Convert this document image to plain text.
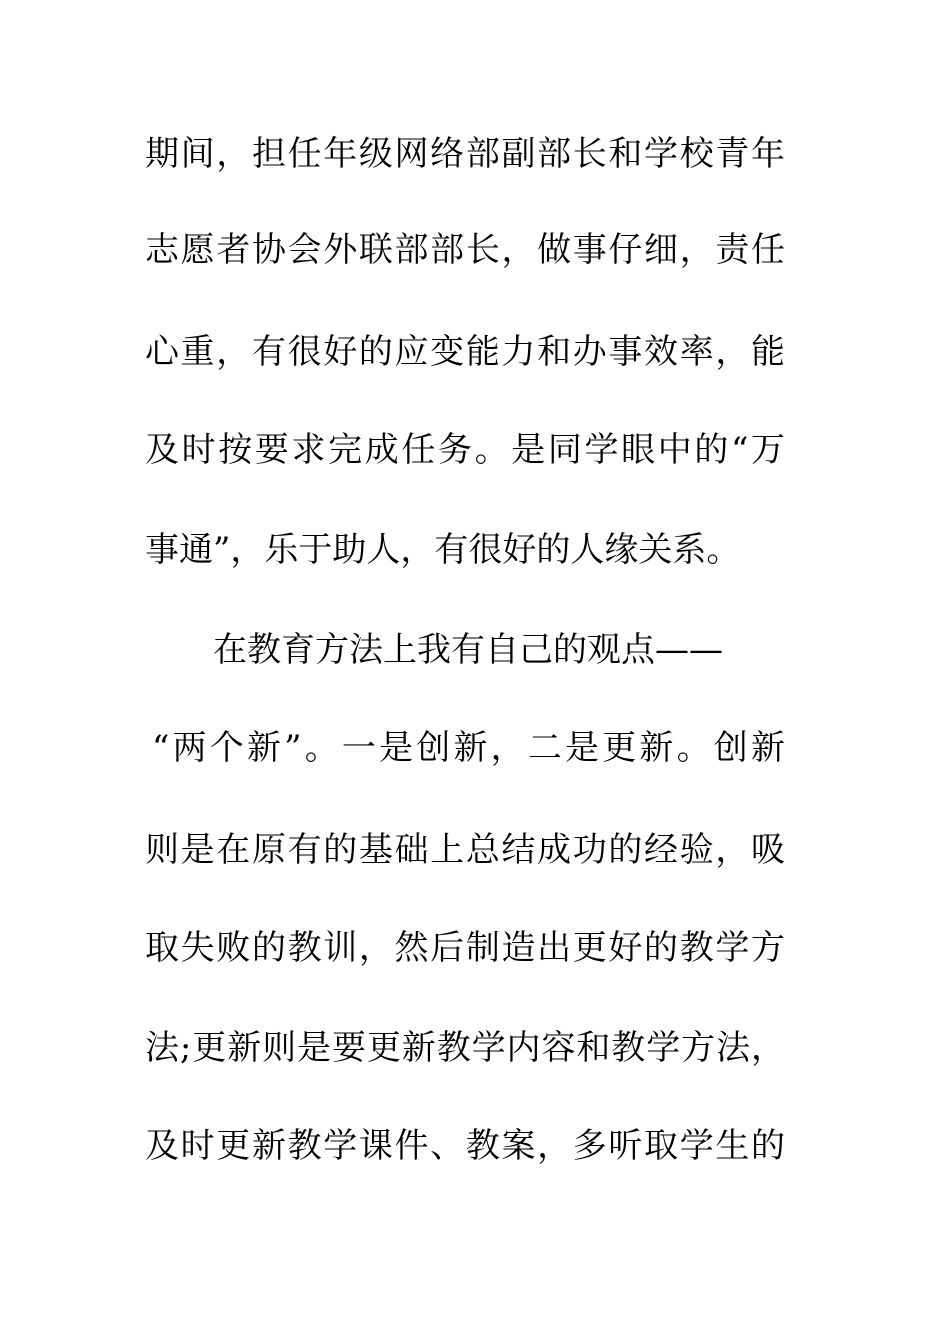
期间，担任年级网络部副部长和学校青年
志愿者协会外联部部长，做事仔细，责任
心重，有很好的应变能力和办事效率，能
及时按要求完成任务。是同学眼中的“万
事通”，乐于助人，有很好的人缘关系。
在教育方法上我有自己的观点——
“两个新”。一是创新，二是更新。创新
则是在原有的基础上总结成功的经验，吸
取失败的教训，然后制造出更好的教学方
法;更新则是要更新教学内容和教学方法，
及时更新教学课件、教案，多听取学生的
